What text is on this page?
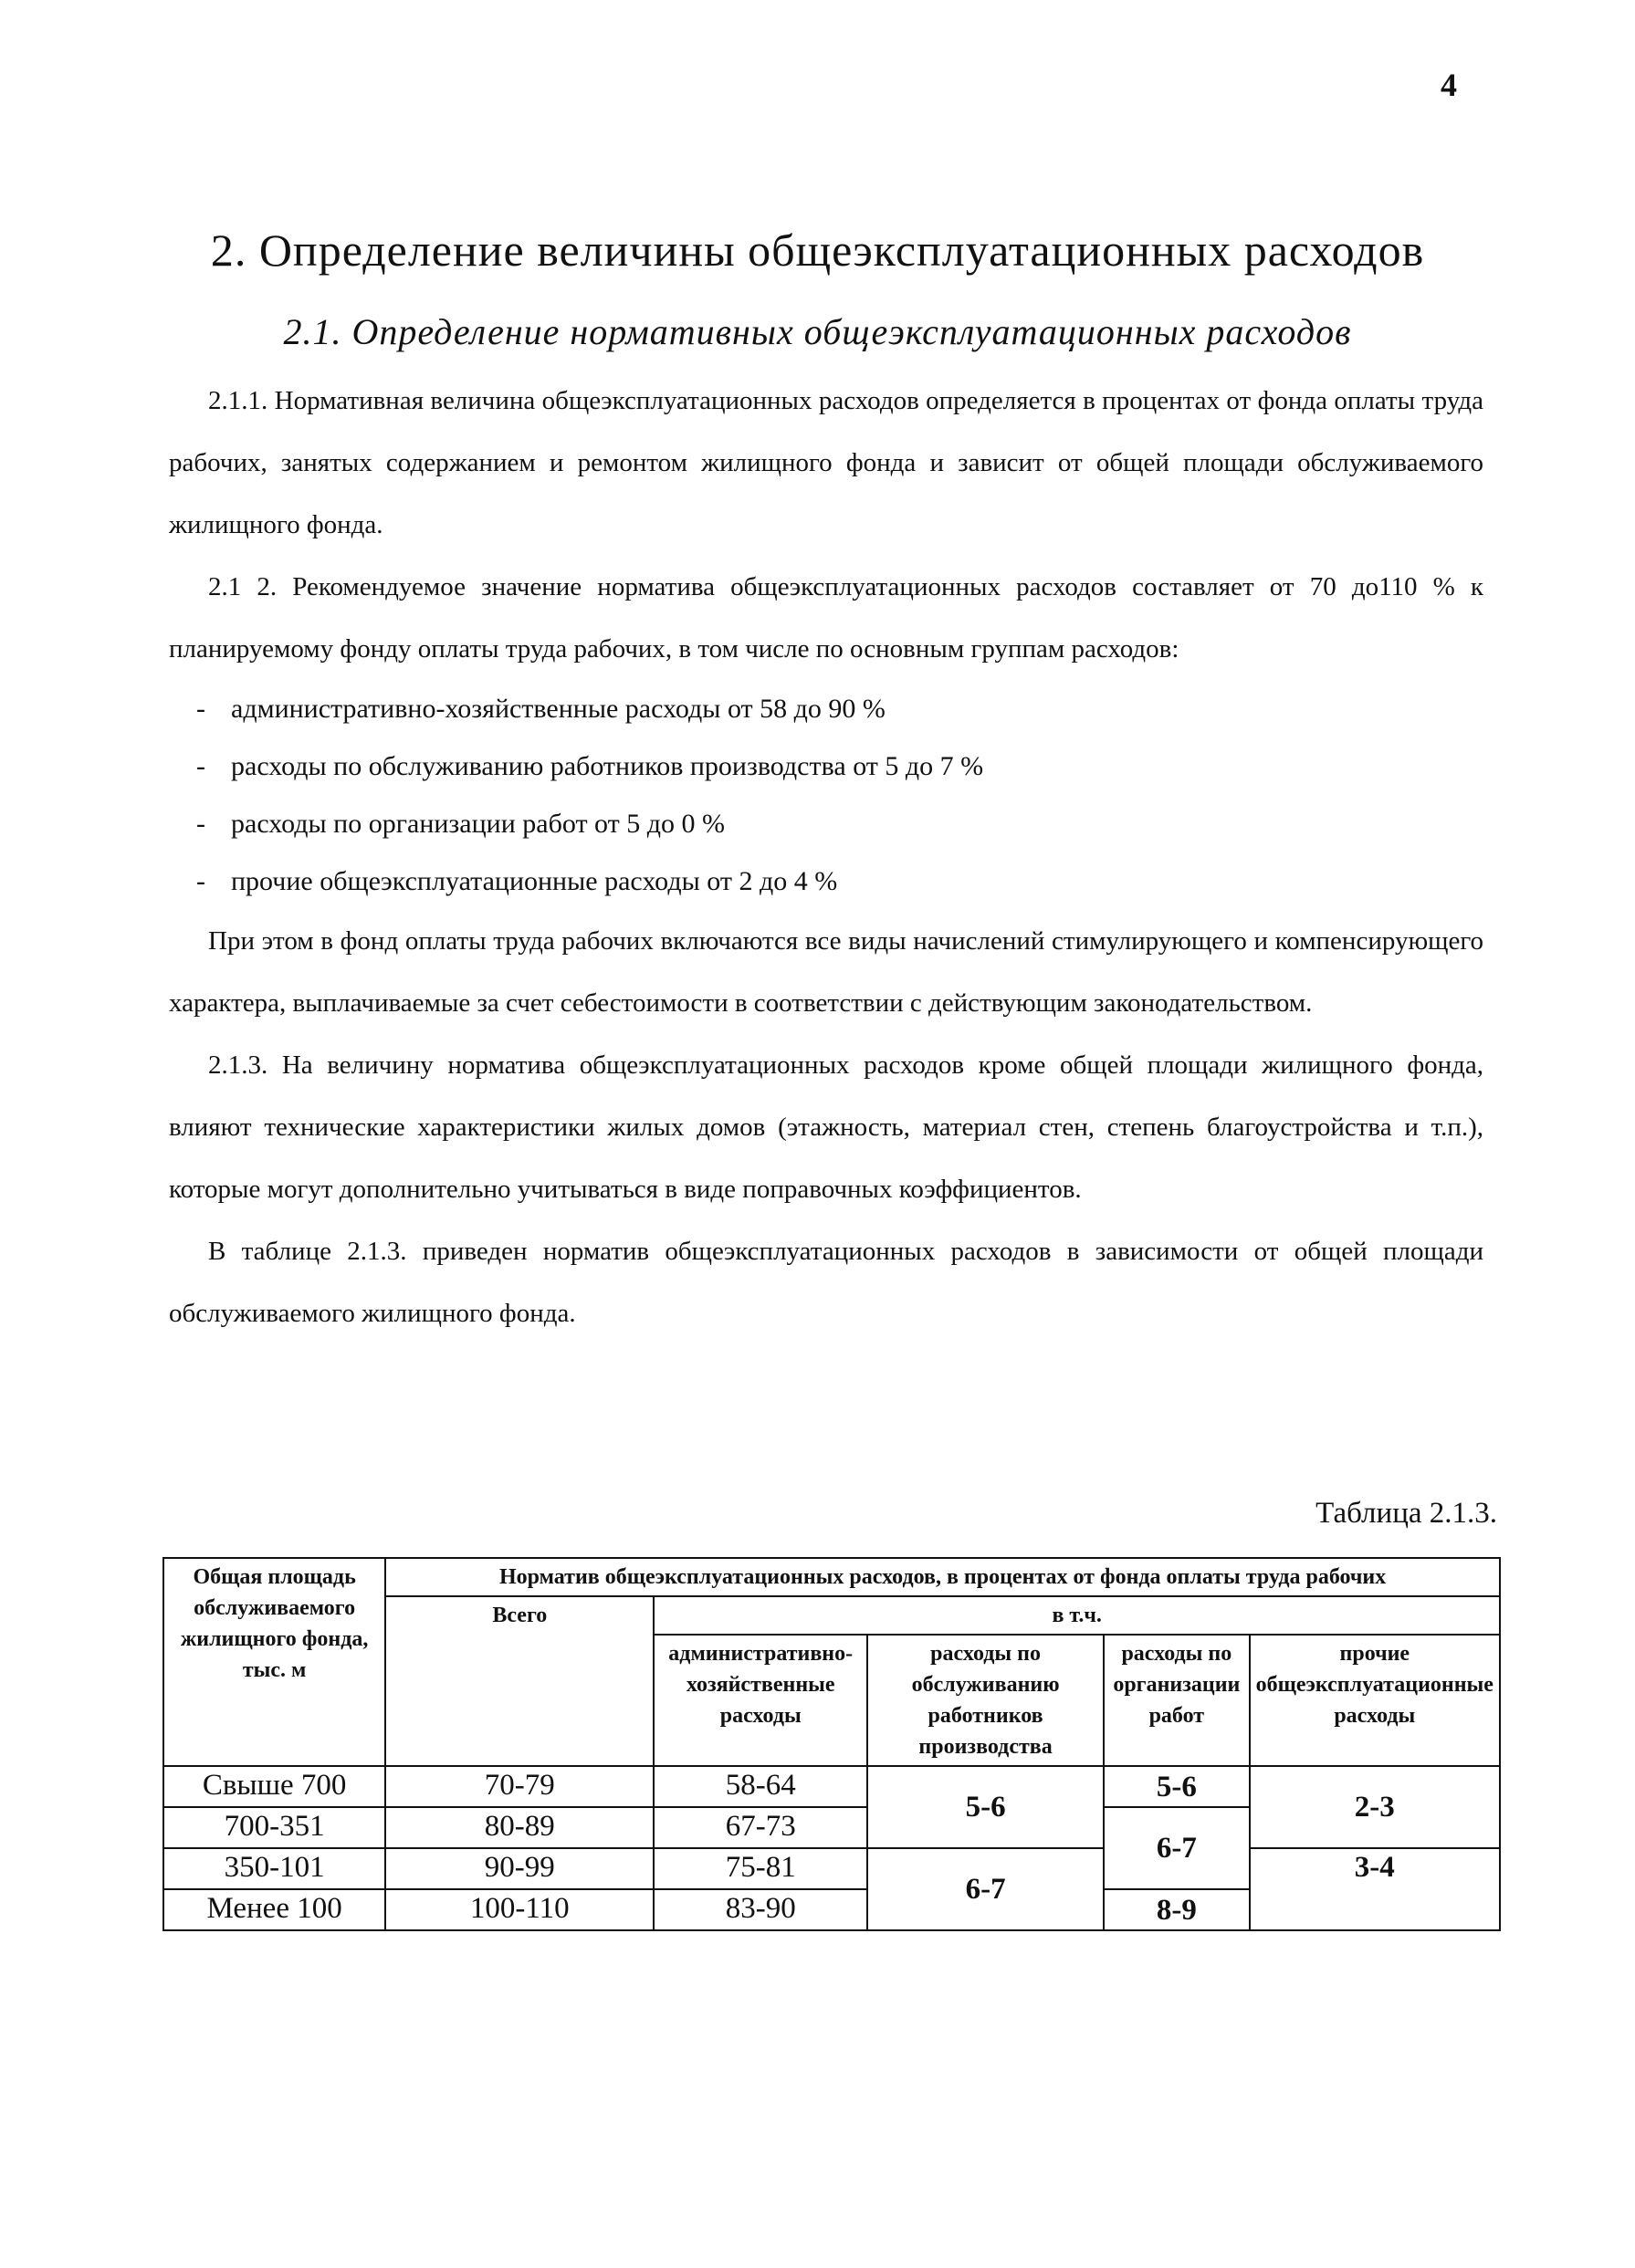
4
2. Определение величины общеэксплуатационных расходов
2.1. Определение нормативных общеэксплуатационных расходов

2.1.1. Нормативная величина общеэксплуатационных расходов определяется в процентах от фонда оплаты труда рабочих, занятых содержанием и ремонтом жилищного фонда и зависит от общей площади обслуживаемого жилищного фонда.

2.1 2. Рекомендуемое значение норматива общеэксплуатационных расходов составляет от 70 до110 % к планируемому фонду оплаты труда рабочих, в том числе по основным группам расходов:

- административно-хозяйственные расходы от 58 до 90 %
- расходы по обслуживанию работников производства от 5 до 7 %
- расходы по организации работ от 5 до 0 %
- прочие общеэксплуатационные расходы от 2 до 4 %

При этом в фонд оплаты труда рабочих включаются все виды начислений стимулирующего и компенсирующего характера, выплачиваемые за счет себестоимости в соответствии с действующим законодательством.

2.1.3. На величину норматива общеэксплуатационных расходов кроме общей площади жилищного фонда, влияют технические характеристики жилых домов (этажность, материал стен, степень благоустройства и т.п.), которые могут дополнительно учитываться в виде поправочных коэффициентов.

В таблице 2.1.3. приведен норматив общеэксплуатационных расходов в зависимости от общей площади обслуживаемого жилищного фонда.

Таблица 2.1.3.
Общая площадь обслуживаемого жилищного фонда, тыс. м	Норматив общеэксплуатационных расходов, в процентах от фонда оплаты труда рабочих				
	Всего	в т.ч.			
		административно-хозяйственные расходы	расходы по обслуживанию работников производства	расходы по организации работ	прочие общеэксплуатационные расходы
Свыше 700	70-79	58-64	5-6	5-6	2-3
700-351	80-89	67-73		6-7	
350-101	90-99	75-81	6-7		3-4
Менее 100	100-110	83-90		8-9	
